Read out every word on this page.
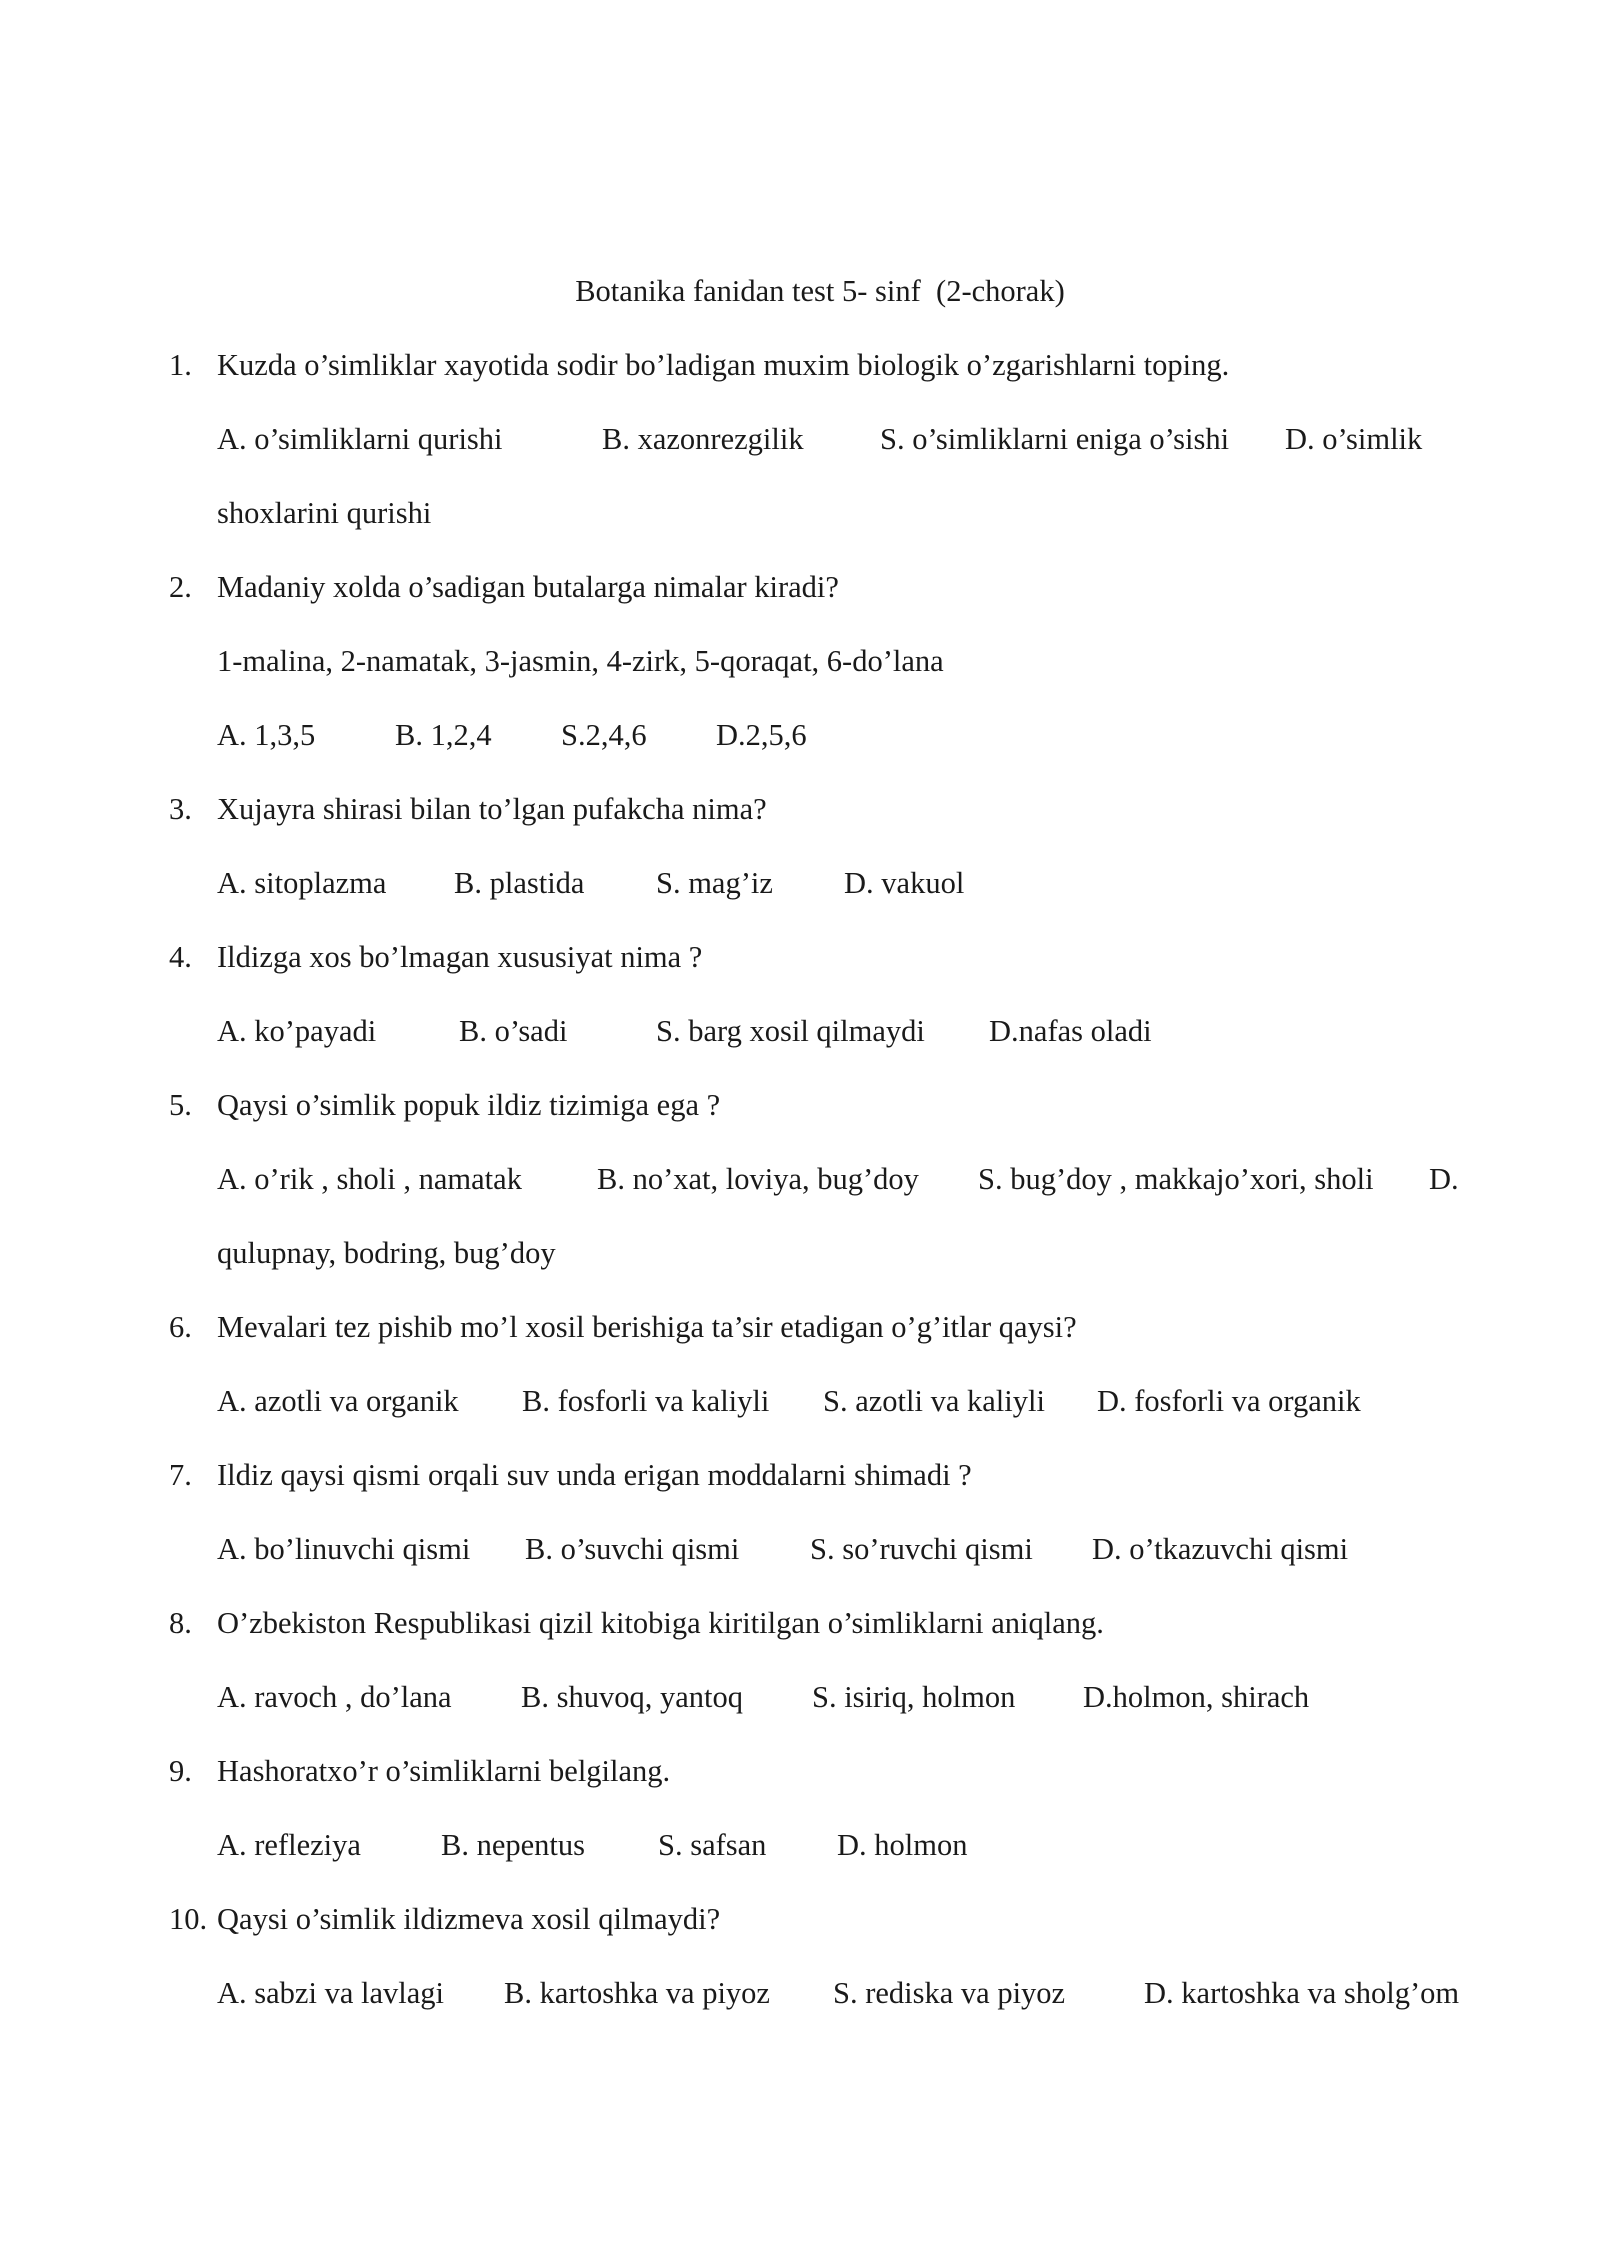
Botanika fanidan test 5- sinf  (2-chorak)
1. Kuzda o’simliklar xayotida sodir bo’ladigan muxim biologik o’zgarishlarni toping.
A. o’simliklarni qurishi	B. xazonrezgilik	S. o’simliklarni eniga o’sishi D. o’simlik
shoxlarini qurishi
2. Madaniy xolda o’sadigan butalarga nimalar kiradi?
1-malina, 2-namatak, 3-jasmin, 4-zirk, 5-qoraqat, 6-do’lana
A. 1,3,5	B. 1,2,4 S.2,4,6 D.2,5,6
3. Xujayra shirasi bilan to’lgan pufakcha nima?
A. sitoplazma B. plastida S. mag’iz D. vakuol
4. Ildizga xos bo’lmagan xususiyat nima ?
A. ko’payadi	B. o’sadi	S. barg xosil qilmaydi D.nafas oladi
5. Qaysi o’simlik popuk ildiz tizimiga ega ?
A. o’rik , sholi , namatak B. no’xat, loviya, bug’doy S. bug’doy , makkajo’xori, sholi D.
qulupnay, bodring, bug’doy
6. Mevalari tez pishib mo’l xosil berishiga ta’sir etadigan o’g’itlar qaysi?
A. azotli va organik B. fosforli va kaliyli S. azotli va kaliyli D. fosforli va organik
7. Ildiz qaysi qismi orqali suv unda erigan moddalarni shimadi ?
A. bo’linuvchi qismi B. o’suvchi qismi S. so’ruvchi qismi D. o’tkazuvchi qismi
8. O’zbekiston Respublikasi qizil kitobiga kiritilgan o’simliklarni aniqlang.
A. ravoch , do’lana B. shuvoq, yantoq S. isiriq, holmon D.holmon, shirach
9. Hashoratxo’r o’simliklarni belgilang.
A. refleziya	B. nepentus S. safsan D. holmon
10. Qaysi o’simlik ildizmeva xosil qilmaydi?
A. sabzi va lavlagi B. kartoshka va piyoz S. rediska va piyoz	D. kartoshka va sholg’om
